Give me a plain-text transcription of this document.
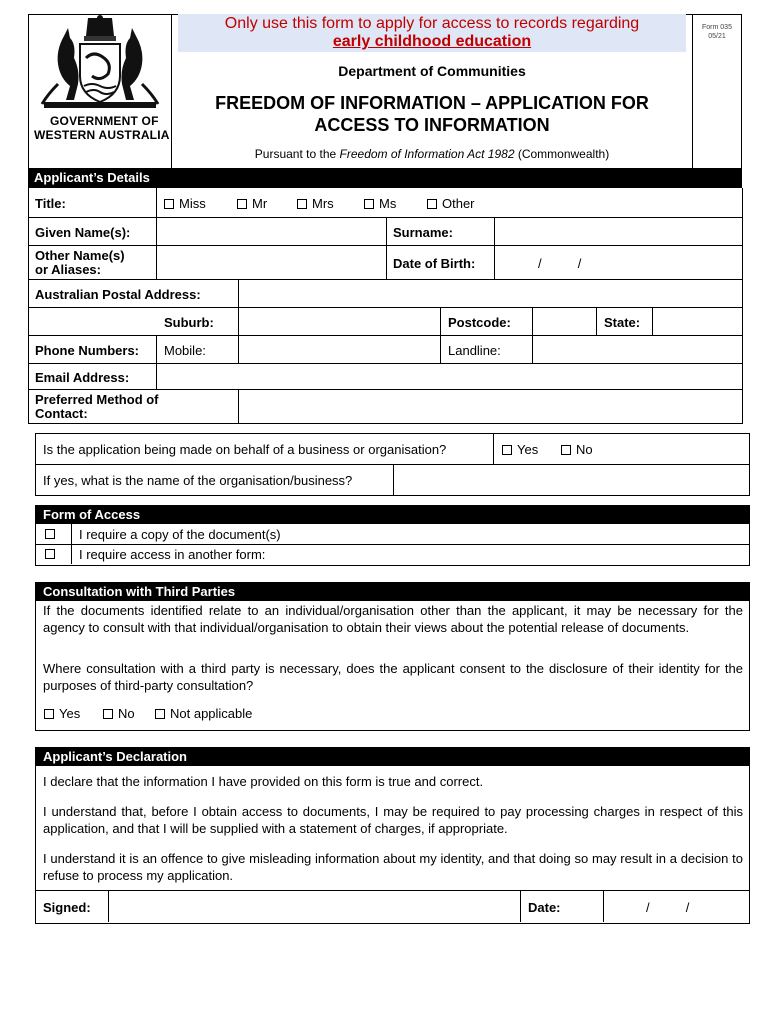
GOVERNMENT OF
WESTERN AUSTRALIA
Only use this form to apply for access to records regarding
early childhood education
Form 035
05/21
Department of Communities
FREEDOM OF INFORMATION – APPLICATION FOR
ACCESS TO INFORMATION
Pursuant to the Freedom of Information Act 1982 (Commonwealth)
Applicant’s Details
Title:	Miss	Mr	Mrs	Ms	Other
Given Name(s):	Surname:
Other Name(s)
or Aliases:	Date of Birth:	/          /
Australian Postal Address:
Suburb:	Postcode:	State:
Phone Numbers: Mobile:	Landline:
Email Address:
Preferred Method of
Contact:
Is the application being made on behalf of a business or organisation?	Yes	No
If yes, what is the name of the organisation/business?
Form of Access
I require a copy of the document(s)
I require access in another form:
Consultation with Third Parties
If the documents identified relate to an individual/organisation other than the applicant, it may be necessary for the agency to consult with that individual/organisation to obtain their views about the potential release of documents.
Where consultation with a third party is necessary, does the applicant consent to the disclosure of their identity for the purposes of third-party consultation?
Yes	No	Not applicable
Applicant’s Declaration
I declare that the information I have provided on this form is true and correct.
I understand that, before I obtain access to documents, I may be required to pay processing charges in respect of this application, and that I will be supplied with a statement of charges, if appropriate.
I understand it is an offence to give misleading information about my identity, and that doing so may result in a decision to refuse to process my application.
Signed:	Date:	/          /
